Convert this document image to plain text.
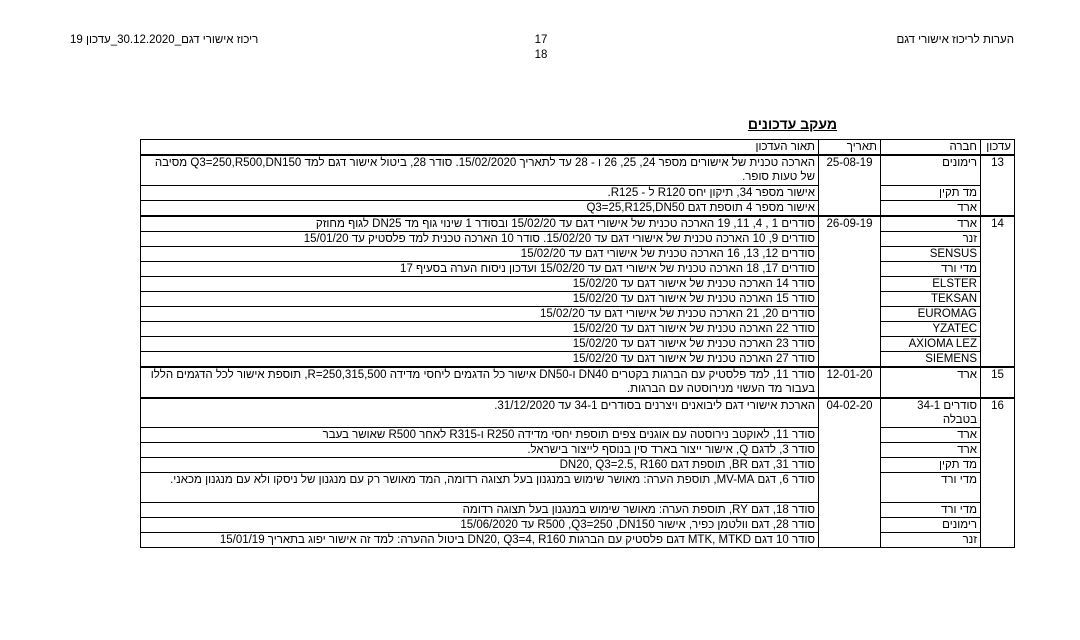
ריכוז אישורי דגם_30.12.2020_עדכון 19	17
18
הערות לריכוז אישורי דגם
מעקב עדכונים
עדכון	חברה	תאריך	תאור העדכון
13	רימונים	25-08-19	הארכה טכנית של אישורים מספר 24, 25, 26 ו - 28 עד לתאריך 15/02/2020. סודר 28, ביטול אישור דגם למד Q3=250,R500,DN150 מסיבה של טעות סופר.
	מד תקין		אישור מספר 34, תיקון יחס R120 ל - R125.
	ארד		אישור מספר 4 תוספת דגם Q3=25,R125,DN50
14	ארד	26-09-19	סודרים 1 , 4, 11, 19 הארכה טכנית של אישורי דגם עד 15/02/20 ובסודר 1 שינוי גוף מד DN25 לגוף מחוזק
	זנר		סודרים 9, 10 הארכה טכנית של אישורי דגם עד 15/02/20. סודר 10 הארכה טכנית למד פלסטיק עד 15/01/20
	SENSUS		סודרים 12, 13, 16 הארכה טכנית של אישורי דגם עד 15/02/20
	מדי ורד		סודרים 17, 18 הארכה טכנית של אישורי דגם עד 15/02/20 ועדכון ניסוח הערה בסעיף 17
	ELSTER		סודר 14 הארכה טכנית של אישור דגם עד 15/02/20
	TEKSAN		סודר 15 הארכה טכנית של אישור דגם עד 15/02/20
	EUROMAG		סודרים 20, 21 הארכה טכנית של אישורי דגם עד 15/02/20
	YZATEC		סודר 22 הארכה טכנית של אישור דגם עד 15/02/20
	AXIOMA LEZ		סודר 23 הארכה טכנית של אישור דגם עד 15/02/20
	SIEMENS		סודר 27 הארכה טכנית של אישור דגם עד 15/02/20
15	ארד	12-01-20	סודר 11, למד פלסטיק עם הברגות בקטרים DN40 ו-DN50 אישור כל הדגמים ליחסי מדידה R=250,315,500, תוספת אישור לכל הדגמים הללו בעבור מד העשוי מנירוסטה עם הברגות.
16	סודרים 34-1 בטבלה	04-02-20	הארכת אישורי דגם ליבואנים ויצרנים בסודרים 34-1 עד 31/12/2020.
	ארד		סודר 11, לאוקטב נירוסטה עם אוגנים צפים תוספת יחסי מדידה R250 ו-R315 לאחר R500 שאושר בעבר
	ארד		סודר 3, לדגם Q, אישור ייצור בארד סין בנוסף לייצור בישראל.
	מד תקין		סודר 31, דגם BR, תוספת דגם DN20, Q3=2.5, R160
	מדי ורד		סודר 6, דגם MV-MA, תוספת הערה: מאושר שימוש במנגנון בעל תצוגה רדומה, המד מאושר רק עם מנגנון של ניסקו ולא עם מנגנון מכאני.
	מדי ורד		סודר 18, דגם RY, תוספת הערה: מאושר שימוש במנגנון בעל תצוגה רדומה
	רימונים		סודר 28, דגם וולטמן כפיר, אישור R500 ,Q3=250 ,DN150 עד 15/06/2020
	זנר		סודר 10 דגם MTK, MTKD דגם פלסטיק עם הברגות DN20, Q3=4, R160 ביטול ההערה: למד זה אישור יפוג בתאריך 15/01/19
